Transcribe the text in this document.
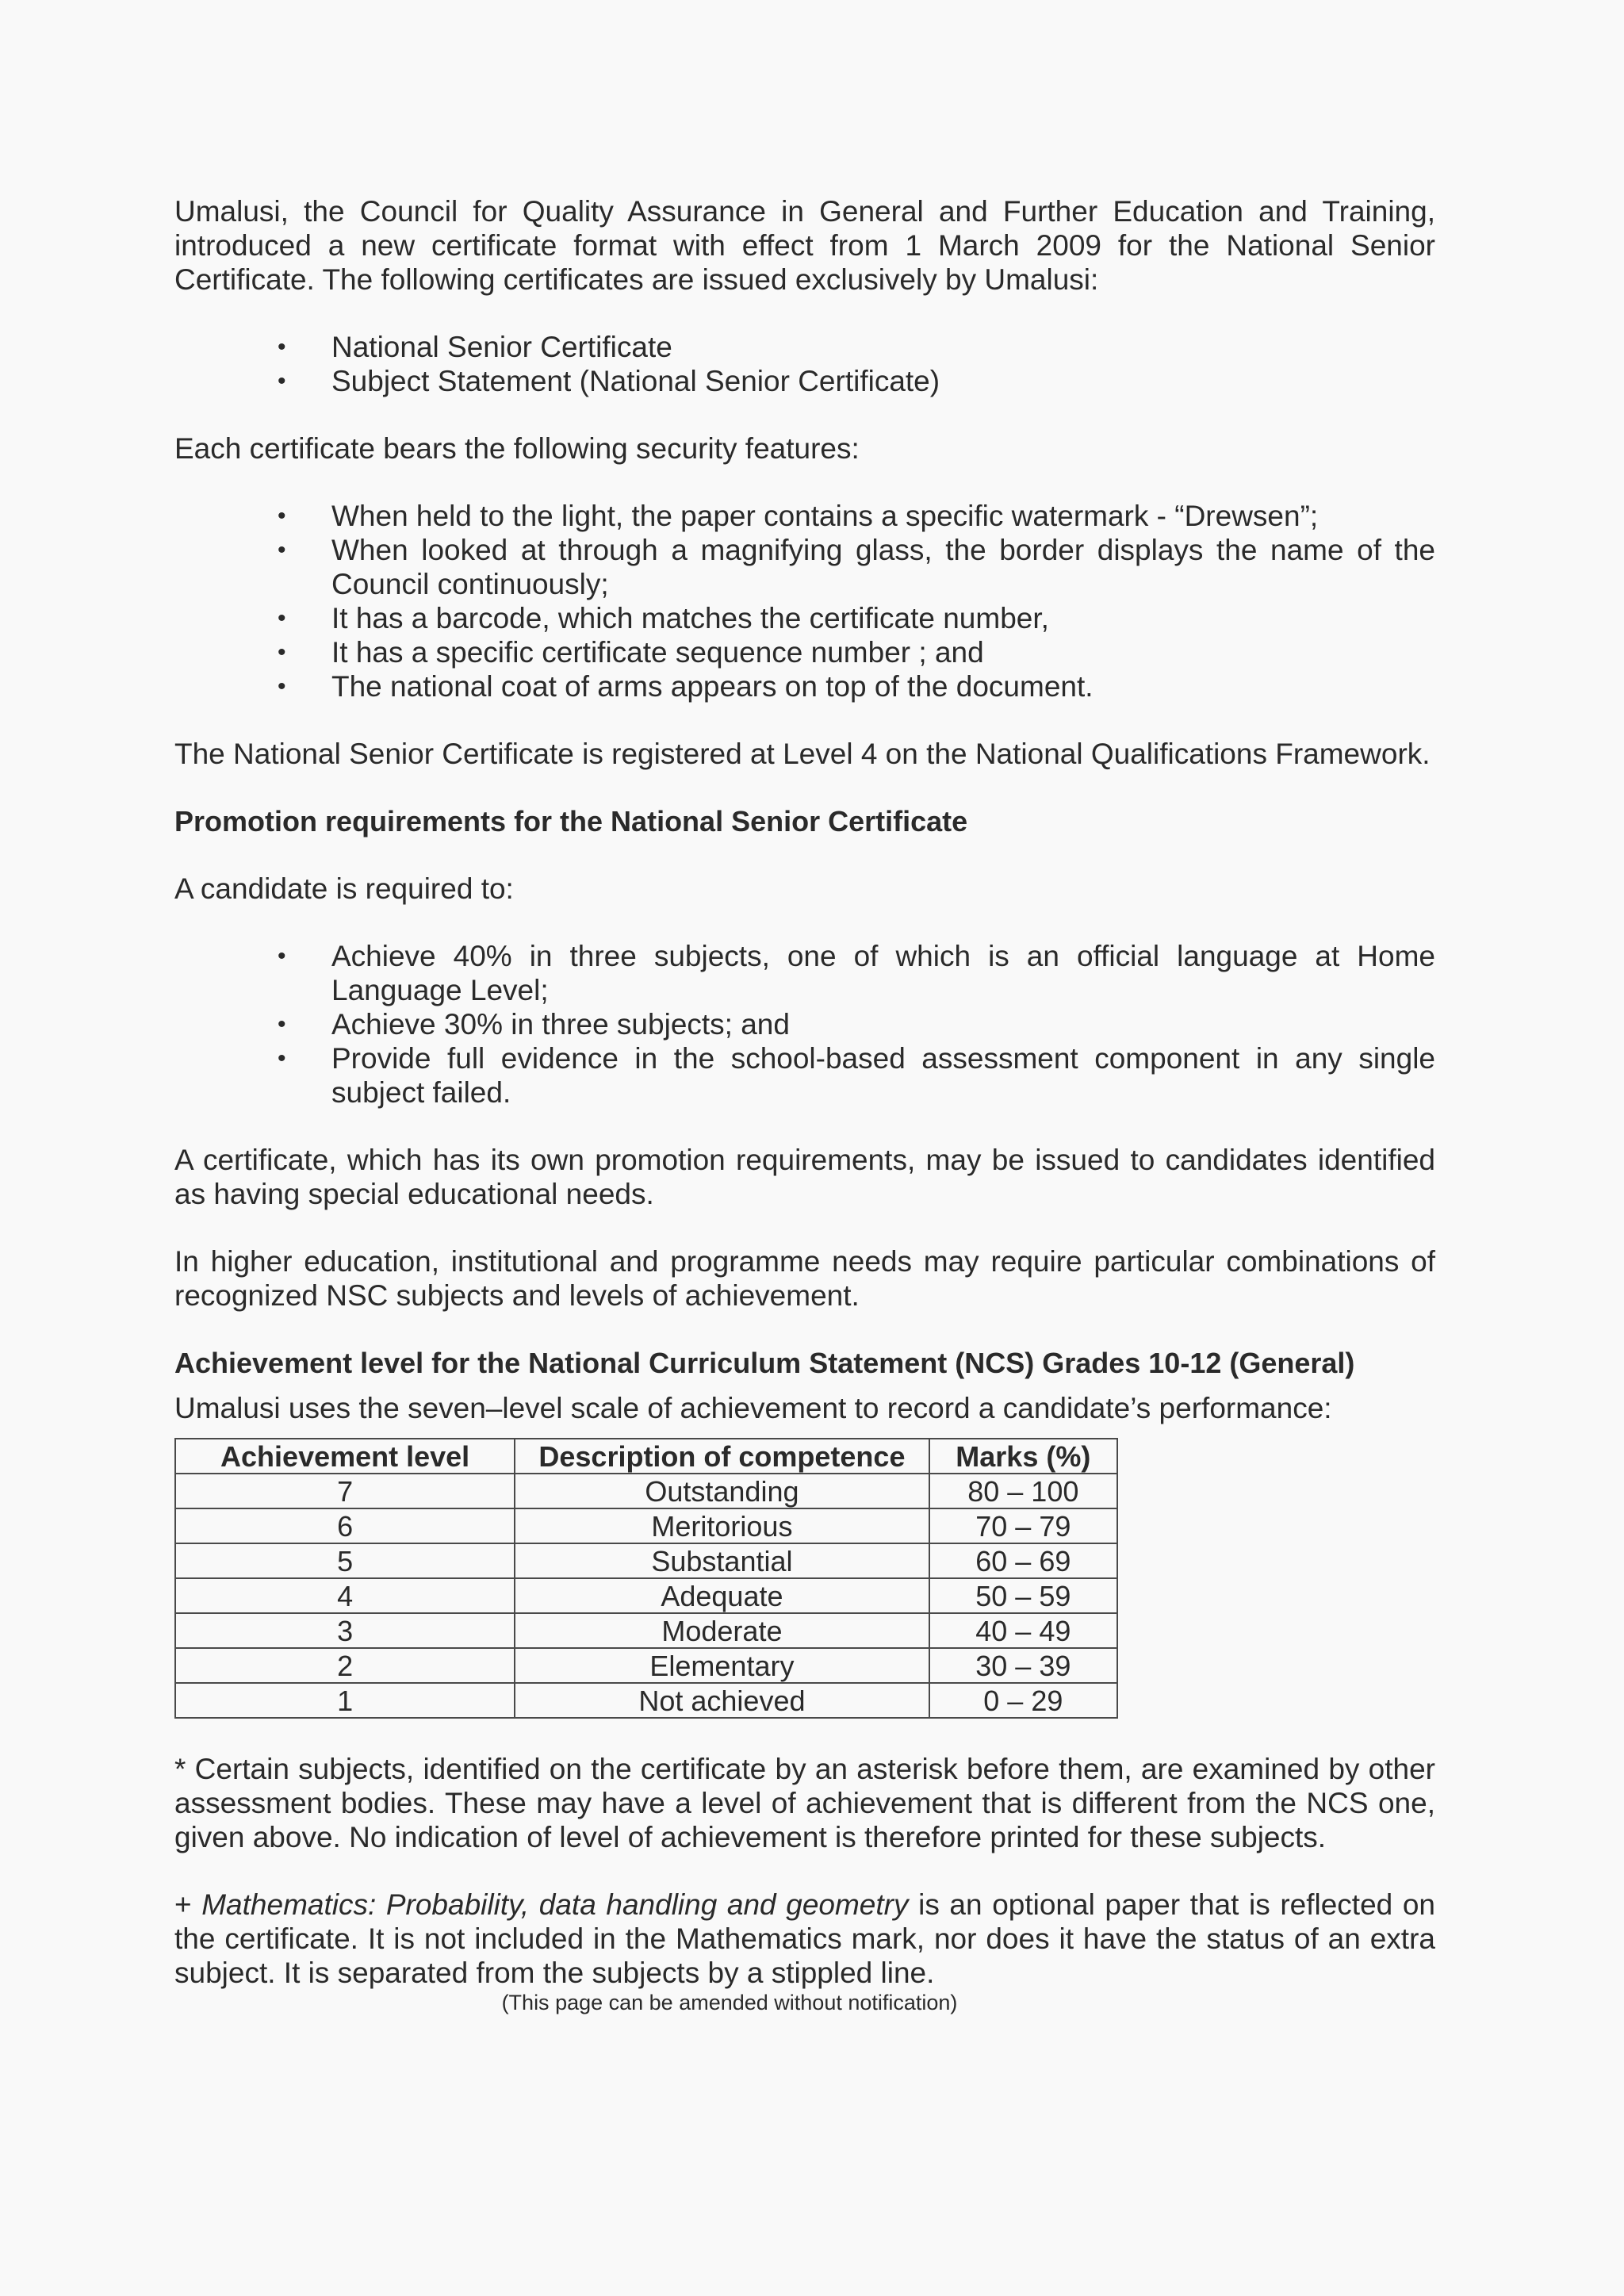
Umalusi, the Council for Quality Assurance in General and Further Education and Training, introduced a new certificate format with effect from 1 March 2009 for the National Senior Certificate. The following certificates are issued exclusively by Umalusi:

• National Senior Certificate
• Subject Statement (National Senior Certificate)

Each certificate bears the following security features:

• When held to the light, the paper contains a specific watermark - “Drewsen”;
• When looked at through a magnifying glass, the border displays the name of the Council continuously;
• It has a barcode, which matches the certificate number,
• It has a specific certificate sequence number ; and
• The national coat of arms appears on top of the document.

The National Senior Certificate is registered at Level 4 on the National Qualifications Framework.

Promotion requirements for the National Senior Certificate

A candidate is required to:

• Achieve 40% in three subjects, one of which is an official language at Home Language Level;
• Achieve 30% in three subjects; and
• Provide full evidence in the school-based assessment component in any single subject failed.

A certificate, which has its own promotion requirements, may be issued to candidates identified as having special educational needs.

In higher education, institutional and programme needs may require particular combinations of recognized NSC subjects and levels of achievement.

Achievement level for the National Curriculum Statement (NCS) Grades 10-12 (General)

Umalusi uses the seven–level scale of achievement to record a candidate’s performance:

Achievement level	Description of competence	Marks (%)
7	Outstanding	80 – 100
6	Meritorious	70 – 79
5	Substantial	60 – 69
4	Adequate	50 – 59
3	Moderate	40 – 49
2	Elementary	30 – 39
1	Not achieved	0 – 29

* Certain subjects, identified on the certificate by an asterisk before them, are examined by other assessment bodies. These may have a level of achievement that is different from the NCS one, given above. No indication of level of achievement is therefore printed for these subjects.

+ Mathematics: Probability, data handling and geometry is an optional paper that is reflected on the certificate. It is not included in the Mathematics mark, nor does it have the status of an extra subject. It is separated from the subjects by a stippled line.

(This page can be amended without notification)
